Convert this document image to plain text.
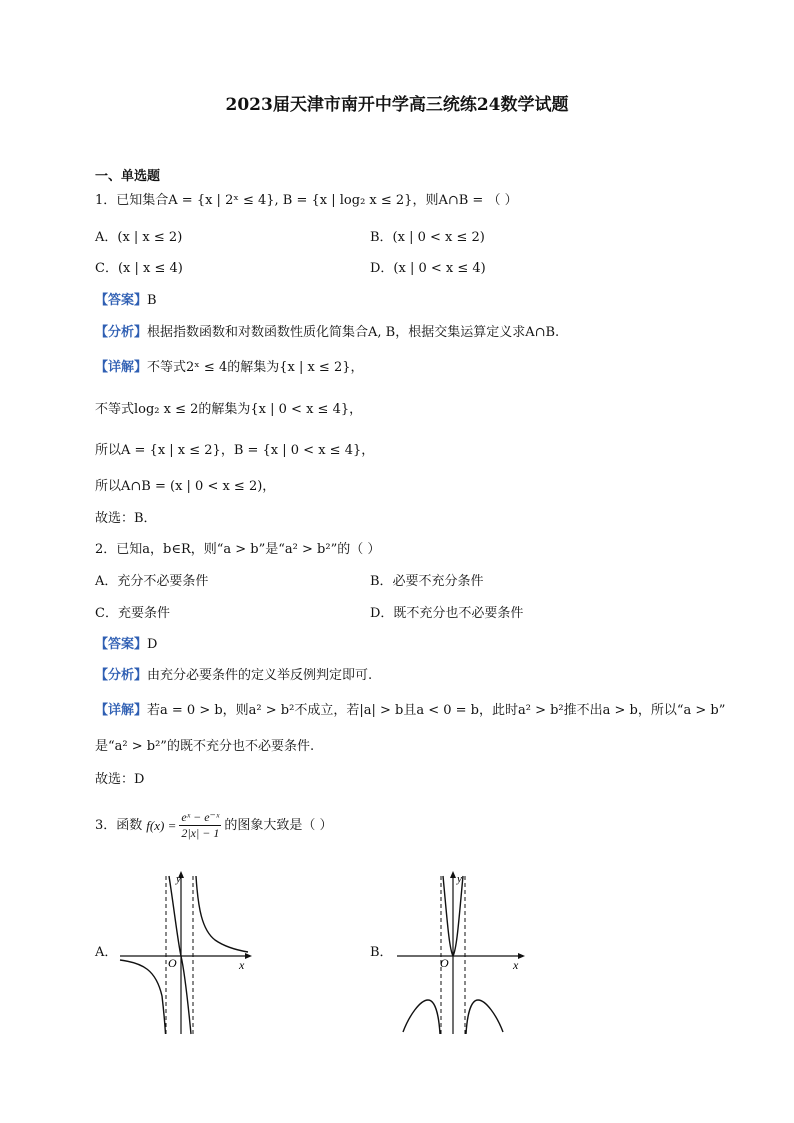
2023届天津市南开中学高三统练24数学试题
一、单选题
1．已知集合A = {x | 2ˣ ≤ 4}, B = {x | log₂ x ≤ 2}，则A∩B = （ ）
A．(x | x ≤ 2)	B．(x | 0 < x ≤ 2)
C．(x | x ≤ 4)	D．(x | 0 < x ≤ 4)
【答案】B
【分析】根据指数函数和对数函数性质化简集合A, B，根据交集运算定义求A∩B.
【详解】不等式2ˣ ≤ 4的解集为{x | x ≤ 2}，
不等式log₂ x ≤ 2的解集为{x | 0 < x ≤ 4}，
所以A = {x | x ≤ 2}，B = {x | 0 < x ≤ 4}，
所以A∩B = (x | 0 < x ≤ 2)，
故选：B．
2．已知a，b∈R，则“a > b”是“a² > b²”的（ ）
A．充分不必要条件	B．必要不充分条件
C．充要条件	D．既不充分也不必要条件
【答案】D
【分析】由充分必要条件的定义举反例判定即可.
【详解】若a = 0 > b，则a² > b²不成立，若|a| > b且a < 0 = b，此时a² > b²推不出a > b，所以“a > b”
是“a² > b²”的既不充分也不必要条件.
故选：D
3．函数 $f(x) = \frac{\text{eˣ − e⁻ˣ}}{2|x| - 1}$ 的图象大致是（ ）
A．
y
x
O
B．
y
x
O
